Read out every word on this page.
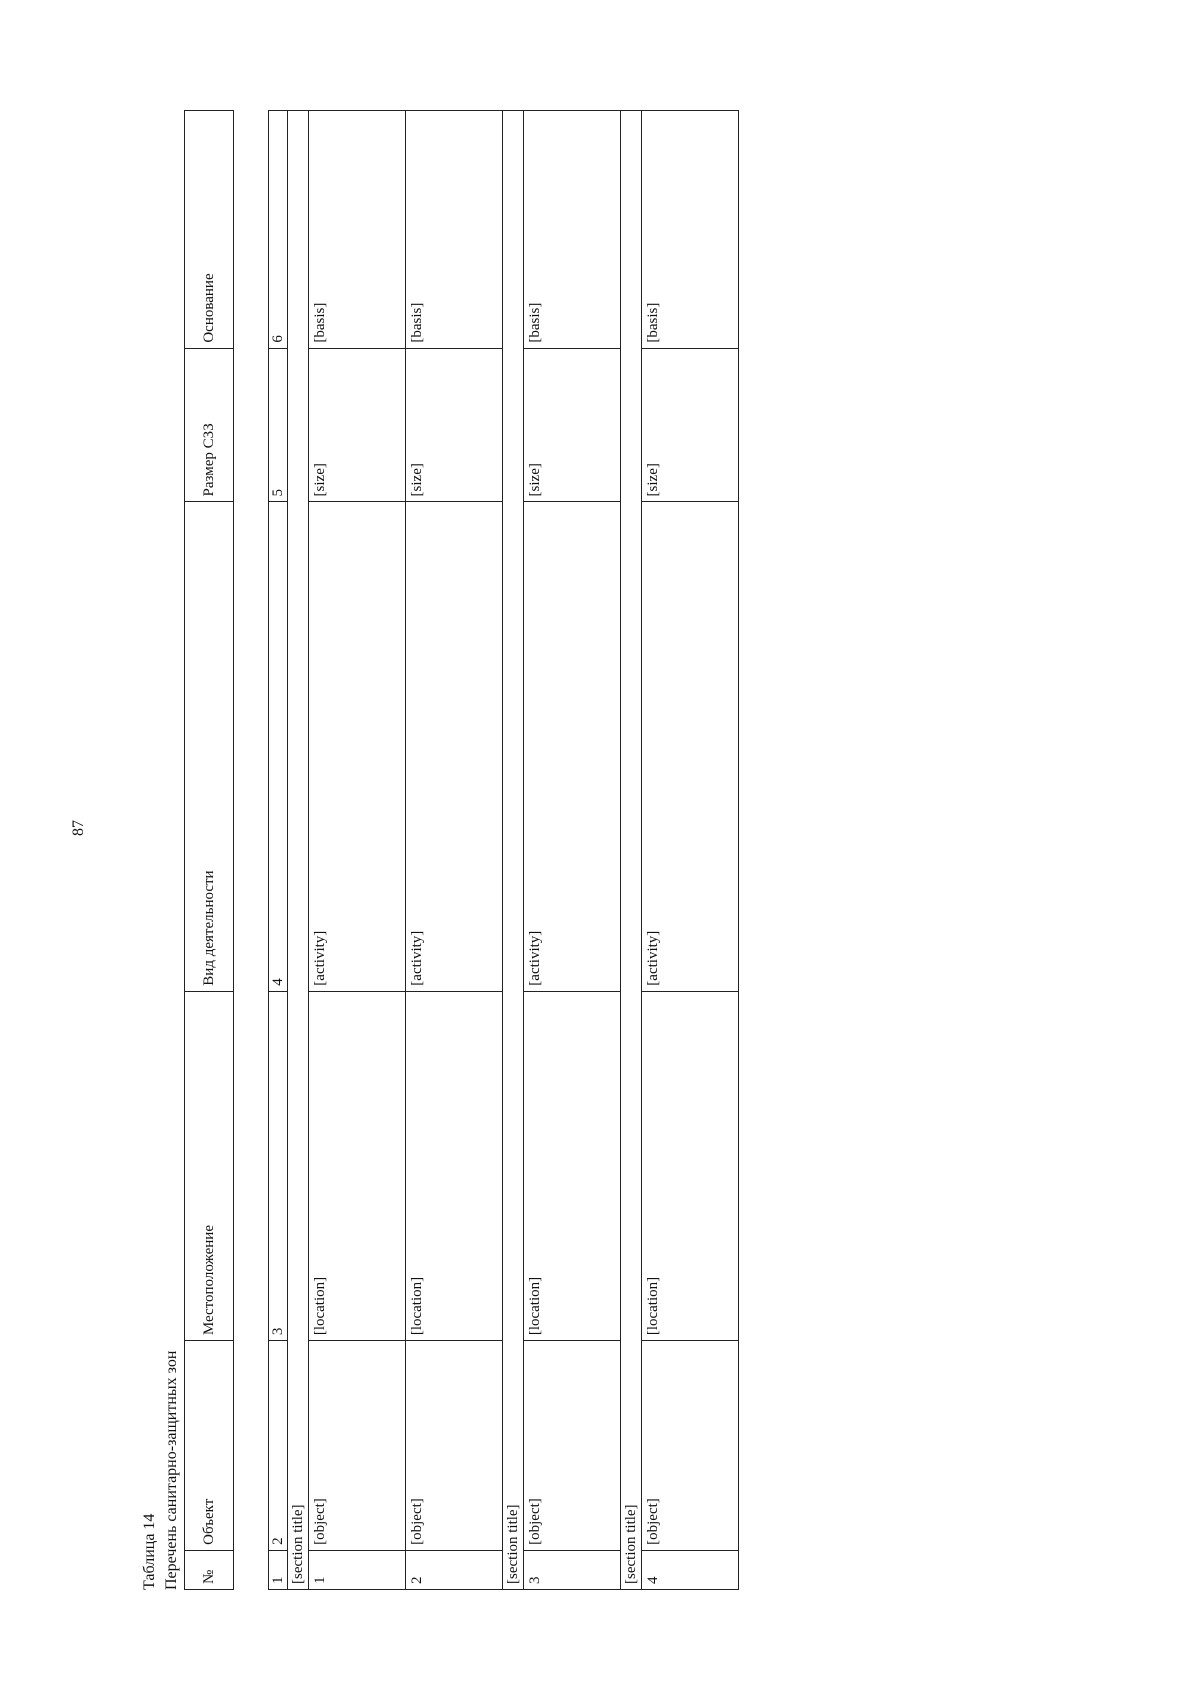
87
Таблица 14 Перечень санитарно-защитных зон №	Объект	Местоположение	Вид деятельности	Размер СЗЗ	Основание
1	2	3	4	5	6
[section title]					
1	[object]	[location]	[activity]	[size]	[basis]
2	[object]	[location]	[activity]	[size]	[basis]
[section title]					
3	[object]	[location]	[activity]	[size]	[basis]
[section title]					
4	[object]	[location]	[activity]	[size]	[basis]
